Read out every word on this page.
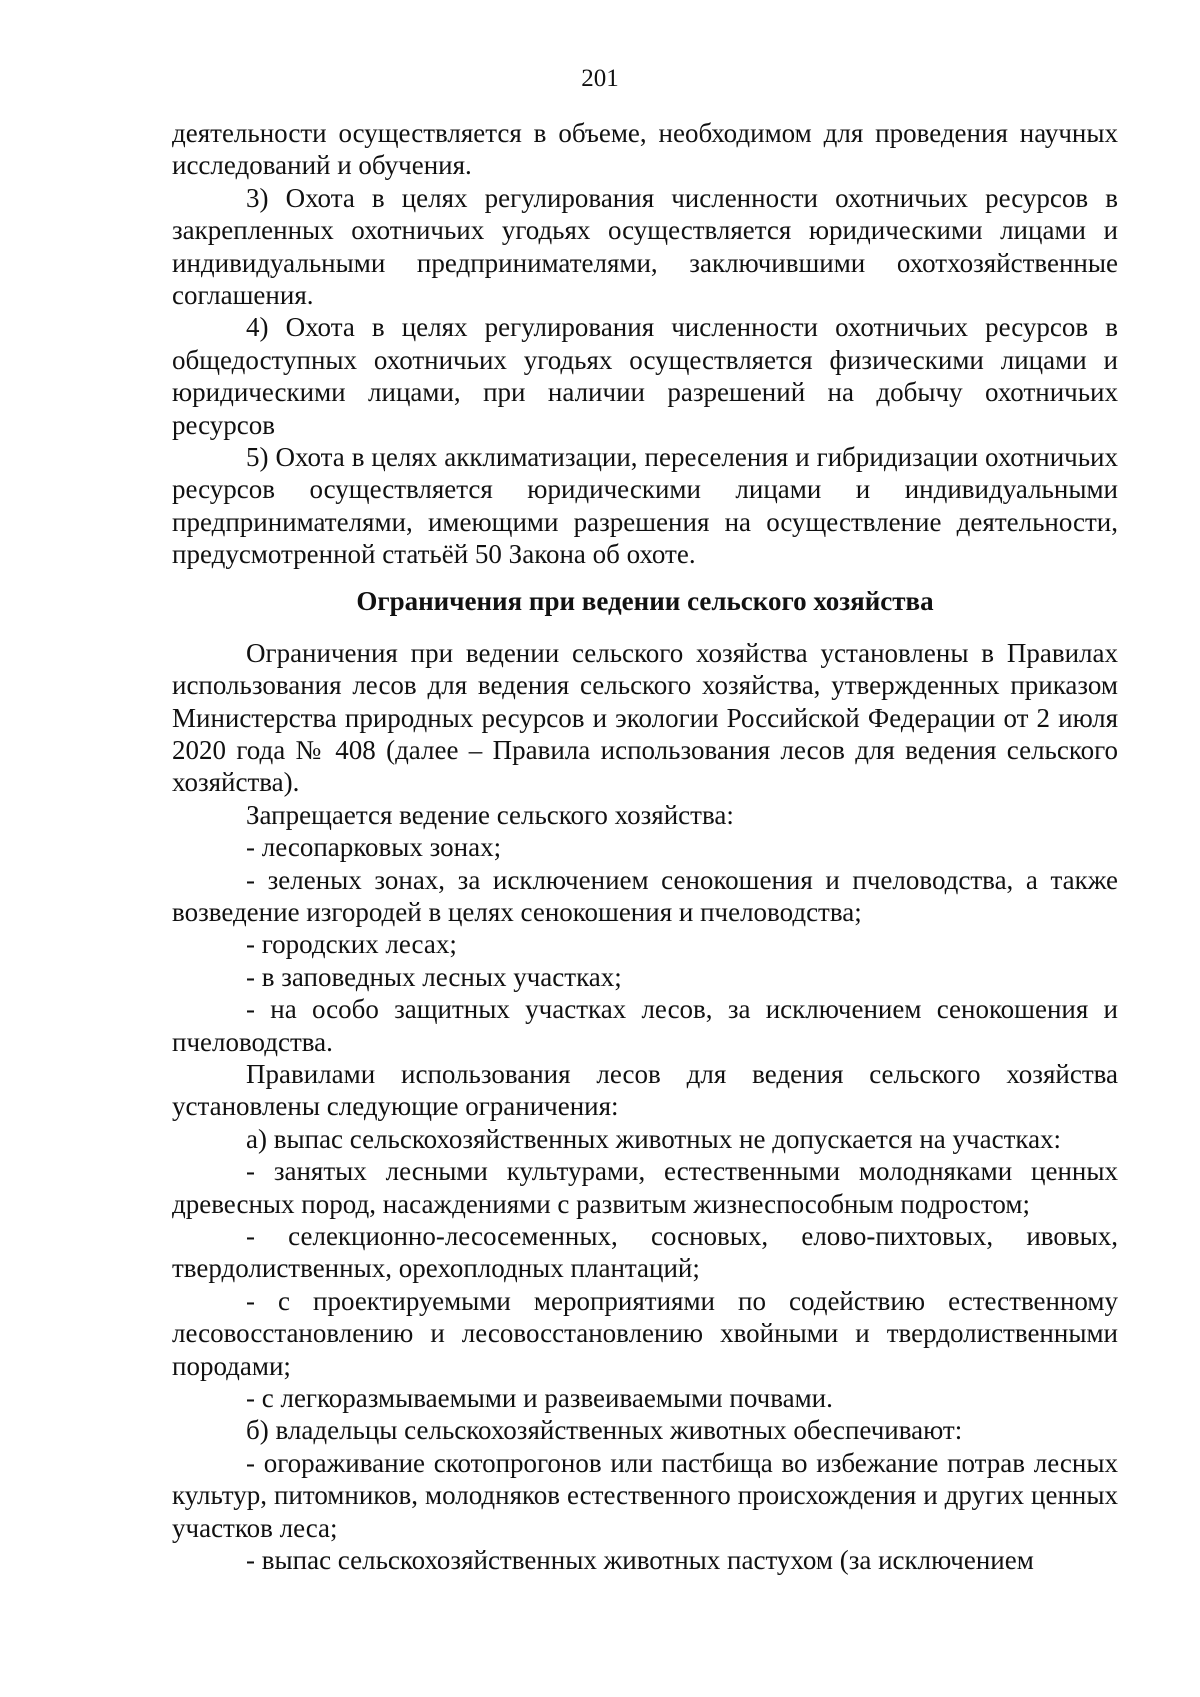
201

деятельности осуществляется в объеме, необходимом для проведения научных исследований и обучения.

3) Охота в целях регулирования численности охотничьих ресурсов в закрепленных охотничьих угодьях осуществляется юридическими лицами и индивидуальными предпринимателями, заключившими охотхозяйственные соглашения.

4) Охота в целях регулирования численности охотничьих ресурсов в общедоступных охотничьих угодьях осуществляется физическими лицами и юридическими лицами, при наличии разрешений на добычу охотничьих ресурсов

5) Охота в целях акклиматизации, переселения и гибридизации охотничьих ресурсов осуществляется юридическими лицами и индивидуальными предпринимателями, имеющими разрешения на осуществление деятельности, предусмотренной статьёй 50 Закона об охоте.

Ограничения при ведении сельского хозяйства

Ограничения при ведении сельского хозяйства установлены в Правилах использования лесов для ведения сельского хозяйства, утвержденных приказом Министерства природных ресурсов и экологии Российской Федерации от 2 июля 2020 года № 408 (далее – Правила использования лесов для ведения сельского хозяйства).

Запрещается ведение сельского хозяйства:

- лесопарковых зонах;

- зеленых зонах, за исключением сенокошения и пчеловодства, а также возведение изгородей в целях сенокошения и пчеловодства;

- городских лесах;

- в заповедных лесных участках;

- на особо защитных участках лесов, за исключением сенокошения и пчеловодства.

Правилами использования лесов для ведения сельского хозяйства установлены следующие ограничения:

а) выпас сельскохозяйственных животных не допускается на участках:

- занятых лесными культурами, естественными молодняками ценных древесных пород, насаждениями с развитым жизнеспособным подростом;

- селекционно-лесосеменных, сосновых, елово-пихтовых, ивовых, твердолиственных, орехоплодных плантаций;

- с проектируемыми мероприятиями по содействию естественному лесовосстановлению и лесовосстановлению хвойными и твердолиственными породами;

- с легкоразмываемыми и развеиваемыми почвами.

б) владельцы сельскохозяйственных животных обеспечивают:

- огораживание скотопрогонов или пастбища во избежание потрав лесных культур, питомников, молодняков естественного происхождения и других ценных участков леса;

- выпас сельскохозяйственных животных пастухом (за исключением
